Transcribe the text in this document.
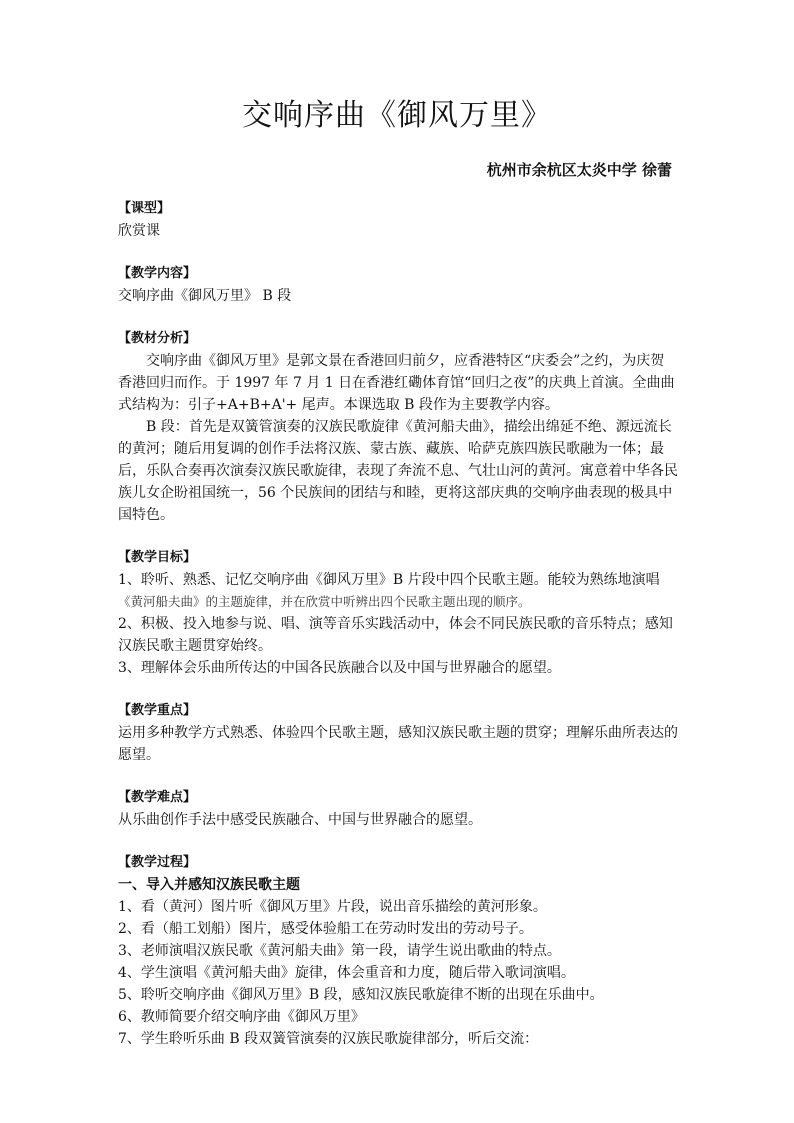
交响序曲《御风万里》
杭州市余杭区太炎中学 徐蕾

【课型】

欣赏课

【教学内容】

交响序曲《御风万里》 B 段

【教材分析】

交响序曲《御风万里》是郭文景在香港回归前夕，应香港特区“庆委会”之约，为庆贺香港回归而作。于 1997 年 7 月 1 日在香港红磡体育馆“回归之夜”的庆典上首演。全曲曲式结构为：引子+A+B+A'+ 尾声。本课选取 B 段作为主要教学内容。

B 段：首先是双簧管演奏的汉族民歌旋律《黄河船夫曲》，描绘出绵延不绝、源远流长的黄河；随后用复调的创作手法将汉族、蒙古族、藏族、哈萨克族四族民歌融为一体；最后，乐队合奏再次演奏汉族民歌旋律，表现了奔流不息、气壮山河的黄河。寓意着中华各民族儿女企盼祖国统一，56 个民族间的团结与和睦，更将这部庆典的交响序曲表现的极具中国特色。

【教学目标】

1、聆听、熟悉、记忆交响序曲《御风万里》B 片段中四个民歌主题。能较为熟练地演唱

《黄河船夫曲》的主题旋律，并在欣赏中听辨出四个民歌主题出现的顺序。

2、积极、投入地参与说、唱、演等音乐实践活动中，体会不同民族民歌的音乐特点；感知汉族民歌主题贯穿始终。

3、理解体会乐曲所传达的中国各民族融合以及中国与世界融合的愿望。

【教学重点】

运用多种教学方式熟悉、体验四个民歌主题，感知汉族民歌主题的贯穿；理解乐曲所表达的愿望。

【教学难点】

从乐曲创作手法中感受民族融合、中国与世界融合的愿望。

【教学过程】

一、导入并感知汉族民歌主题

1、看（黄河）图片听《御风万里》片段，说出音乐描绘的黄河形象。

2、看（船工划船）图片，感受体验船工在劳动时发出的劳动号子。

3、老师演唱汉族民歌《黄河船夫曲》第一段，请学生说出歌曲的特点。

4、学生演唱《黄河船夫曲》旋律，体会重音和力度，随后带入歌词演唱。

5、聆听交响序曲《御风万里》B 段，感知汉族民歌旋律不断的出现在乐曲中。

6、教师简要介绍交响序曲《御风万里》

7、学生聆听乐曲 B 段双簧管演奏的汉族民歌旋律部分，听后交流：
